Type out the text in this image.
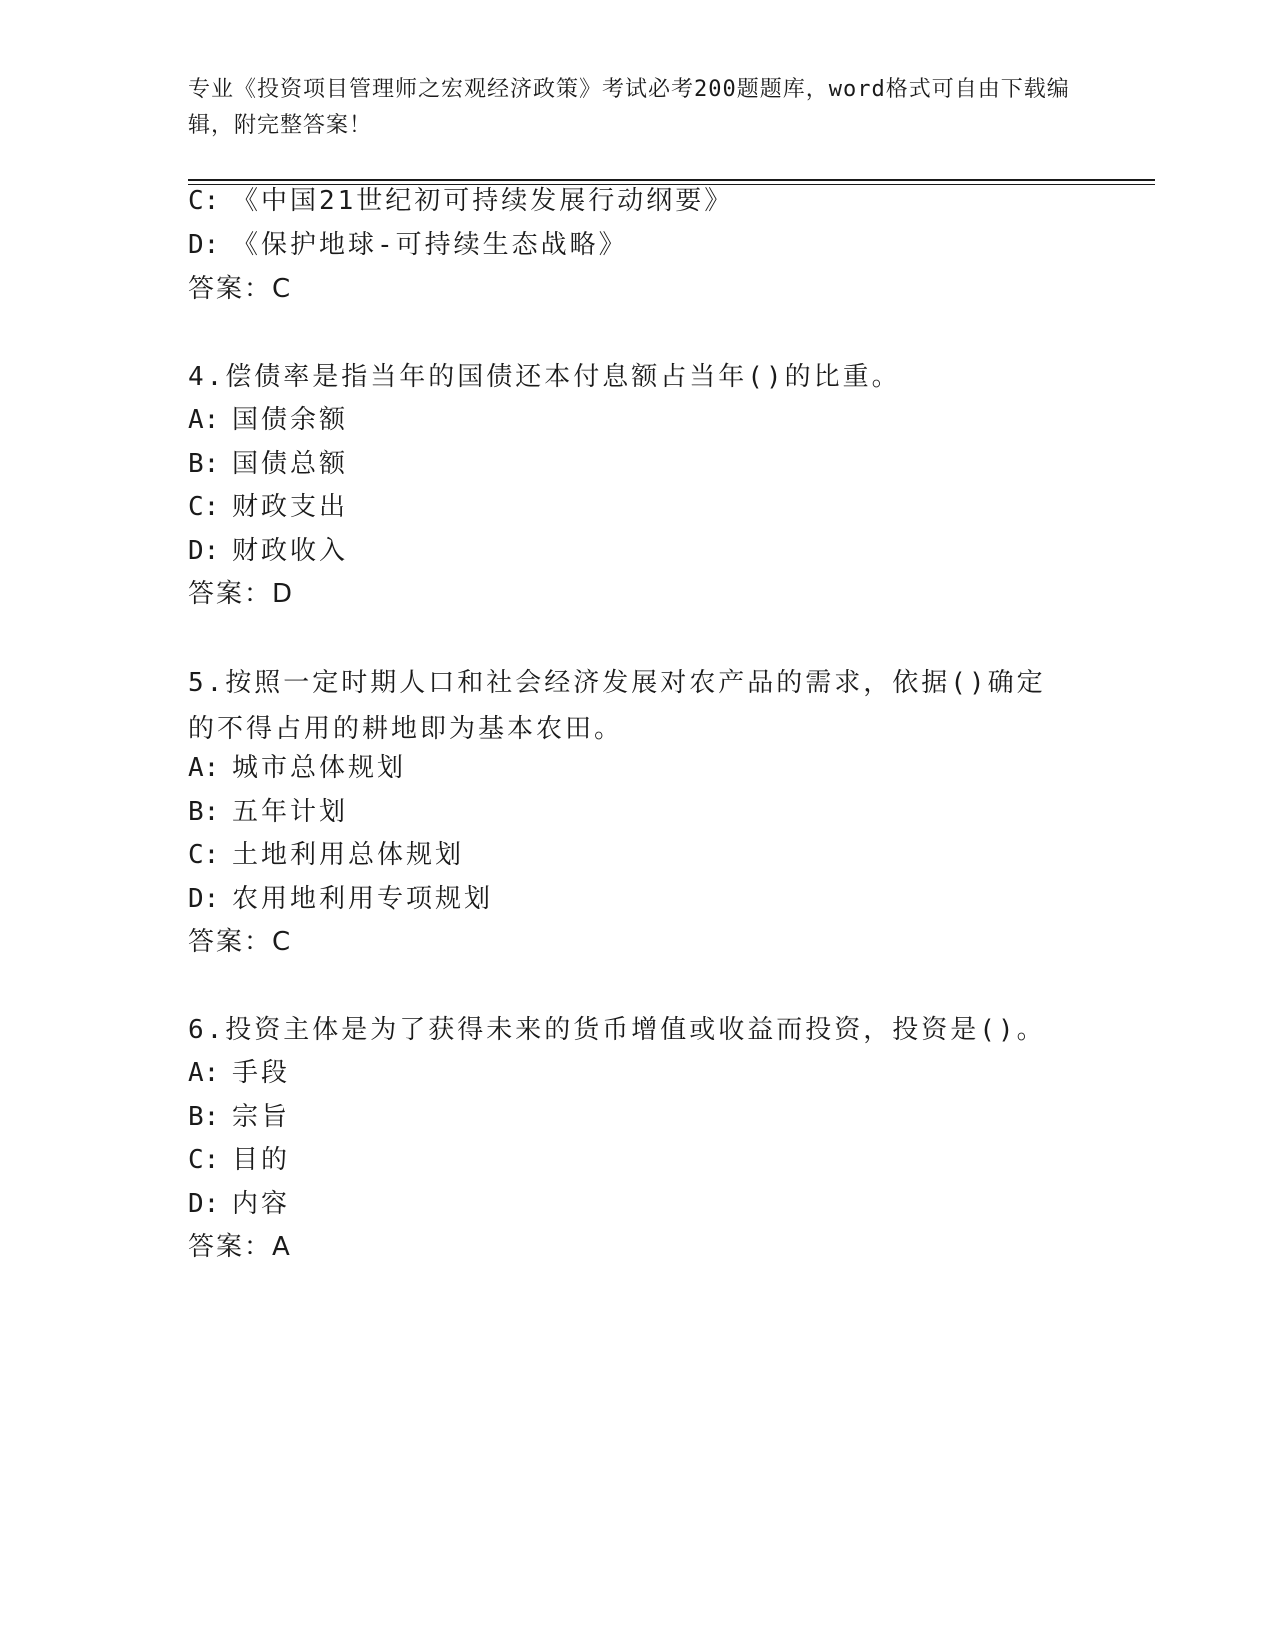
专业《投资项目管理师之宏观经济政策》考试必考200题题库，word格式可自由下载编辑，附完整答案！
C: 《中国21世纪初可持续发展行动纲要》
D: 《保护地球-可持续生态战略》
答案：C
4.偿债率是指当年的国债还本付息额占当年()的比重。
A: 国债余额
B: 国债总额
C: 财政支出
D: 财政收入
答案：D
5.按照一定时期人口和社会经济发展对农产品的需求，依据()确定的不得占用的耕地即为基本农田。
A: 城市总体规划
B: 五年计划
C: 土地利用总体规划
D: 农用地利用专项规划
答案：C
6.投资主体是为了获得未来的货币增值或收益而投资，投资是()。
A: 手段
B: 宗旨
C: 目的
D: 内容
答案：A
